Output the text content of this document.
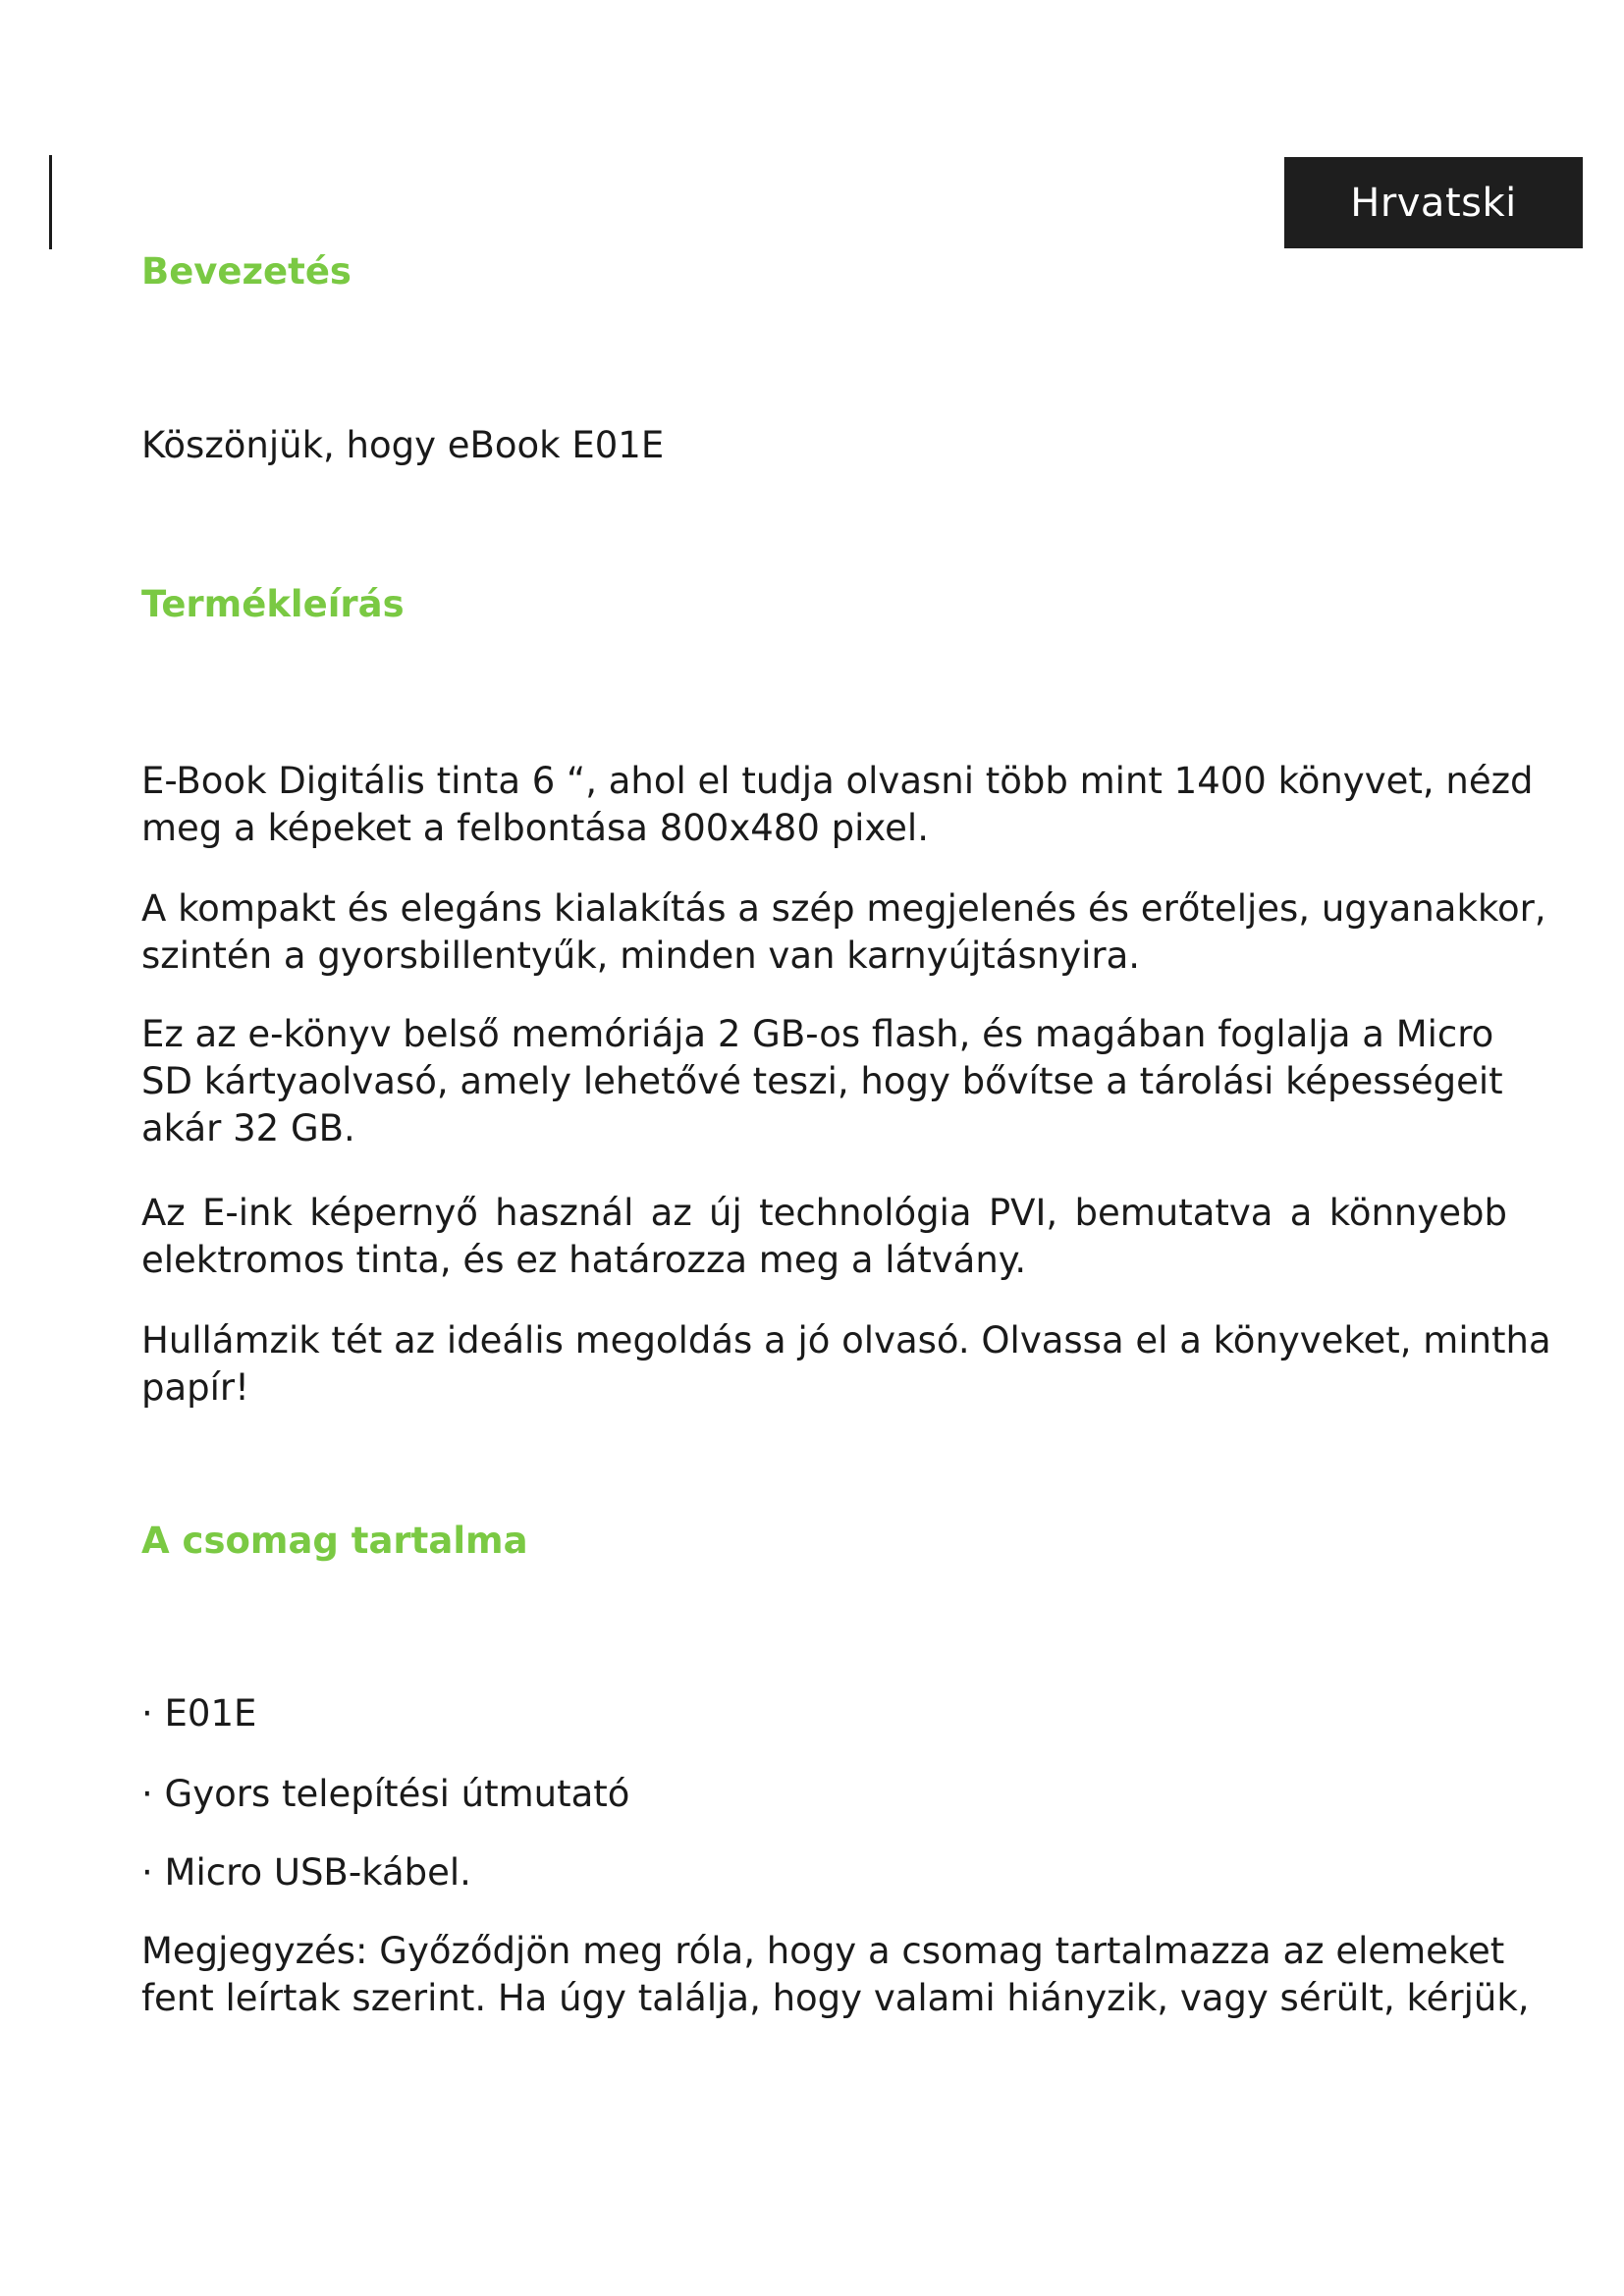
Hrvatski
Bevezetés

Köszönjük, hogy eBook E01E

Termékleírás

E-Book Digitális tinta 6 “, ahol el tudja olvasni több mint 1400 könyvet, nézd
meg a képeket a felbontása 800x480 pixel.

A kompakt és elegáns kialakítás a szép megjelenés és erőteljes, ugyanakkor,
szintén a gyorsbillentyűk, minden van karnyújtásnyira.

Ez az e-könyv belső memóriája 2 GB-os flash, és magában foglalja a Micro
SD kártyaolvasó, amely lehetővé teszi, hogy bővítse a tárolási képességeit
akár 32 GB.

Az E-ink képernyő használ az új technológia PVI, bemutatva a könnyebb
elektromos tinta, és ez határozza meg a látvány.

Hullámzik tét az ideális megoldás a jó olvasó. Olvassa el a könyveket, mintha
papír!

A csomag tartalma

· E01E

· Gyors telepítési útmutató

· Micro USB-kábel.

Megjegyzés: Győződjön meg róla, hogy a csomag tartalmazza az elemeket
fent leírtak szerint. Ha úgy találja, hogy valami hiányzik, vagy sérült, kérjük,
